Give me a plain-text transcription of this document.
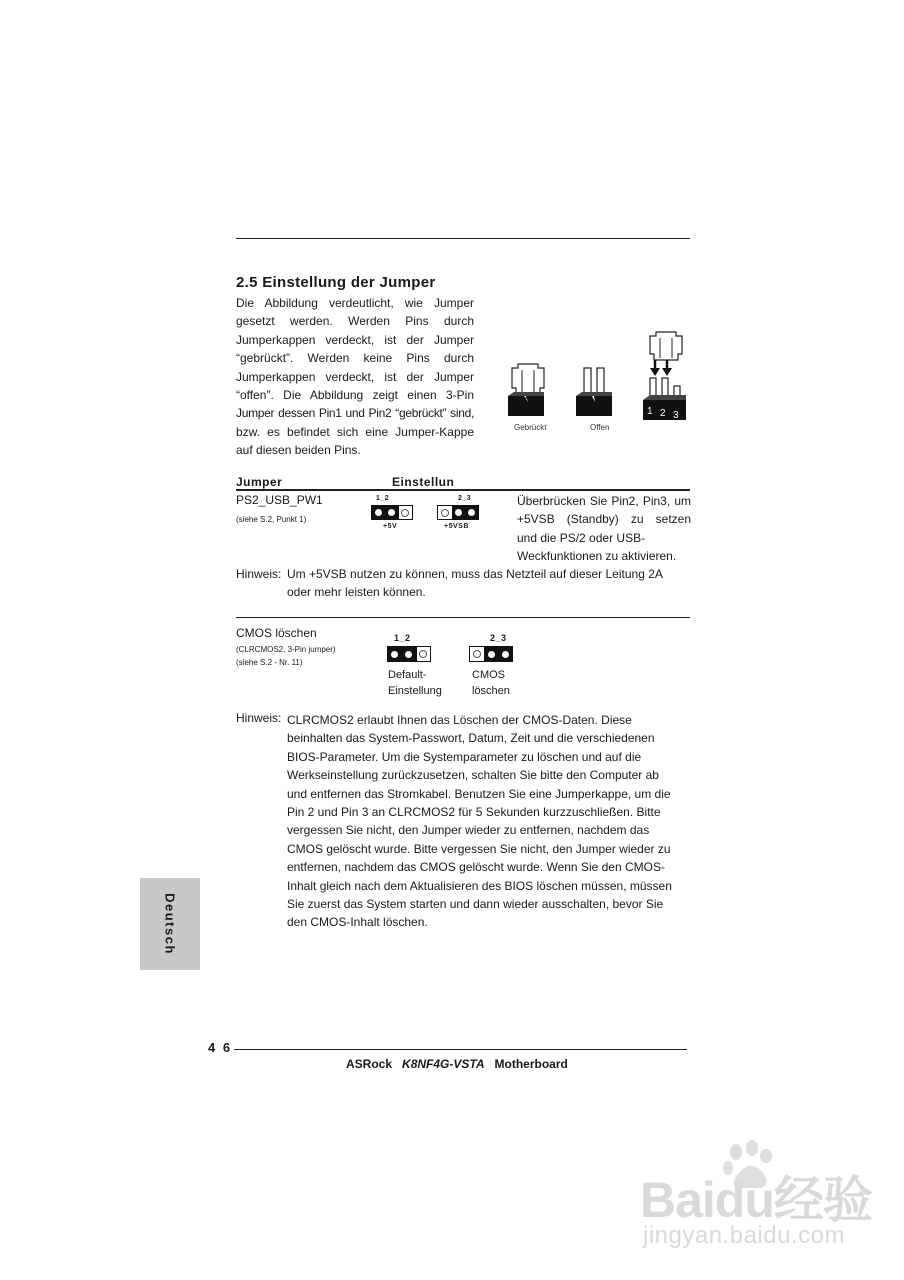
2.5 Einstellung der Jumper
Die Abbildung verdeutlicht, wie Jumper
gesetzt werden. Werden Pins durch
Jumperkappen verdeckt, ist der Jumper
“gebrückt”. Werden keine Pins durch
Jumperkappen verdeckt, ist der Jumper
“offen”. Die Abbildung zeigt einen 3-Pin
Jumper dessen Pin1 und Pin2 “gebrückt” sind,
bzw. es befindet sich eine Jumper-Kappe
auf diesen beiden Pins.
1 2 3
Gebrückt	Offen
Jumper	Einstellun
PS2_USB_PW1
(siehe S.2, Punkt 1)
1_2
+5V
2_3
+5VSB
Überbrücken Sie Pin2, Pin3, um
+5VSB (Standby) zu setzen
und die PS/2 oder USB-
Weckfunktionen zu aktivieren.
Hinweis: Um +5VSB nutzen zu können, muss das Netzteil auf dieser Leitung 2A
oder mehr leisten können.
CMOS löschen
(CLRCMOS2, 3-Pin jumper)
(siehe S.2 - Nr. 11)
1_2
Default-
Einstellung
2_3
CMOS
löschen
Hinweis: CLRCMOS2 erlaubt Ihnen das Löschen der CMOS-Daten. Diese
beinhalten das System-Passwort, Datum, Zeit und die verschiedenen
BIOS-Parameter. Um die Systemparameter zu löschen und auf die
Werkseinstellung zurückzusetzen, schalten Sie bitte den Computer ab
und entfernen das Stromkabel. Benutzen Sie eine Jumperkappe, um die
Pin 2 und Pin 3 an CLRCMOS2 für 5 Sekunden kurzzuschließen. Bitte
vergessen Sie nicht, den Jumper wieder zu entfernen, nachdem das
CMOS gelöscht wurde. Bitte vergessen Sie nicht, den Jumper wieder zu
entfernen, nachdem das CMOS gelöscht wurde. Wenn Sie den CMOS-
Inhalt gleich nach dem Aktualisieren des BIOS löschen müssen, müssen
Sie zuerst das System starten und dann wieder ausschalten, bevor Sie
den CMOS-Inhalt löschen.
Deutsch
4 6
ASRock K8NF4G-VSTA Motherboard
Baidu经验
jingyan.baidu.com
